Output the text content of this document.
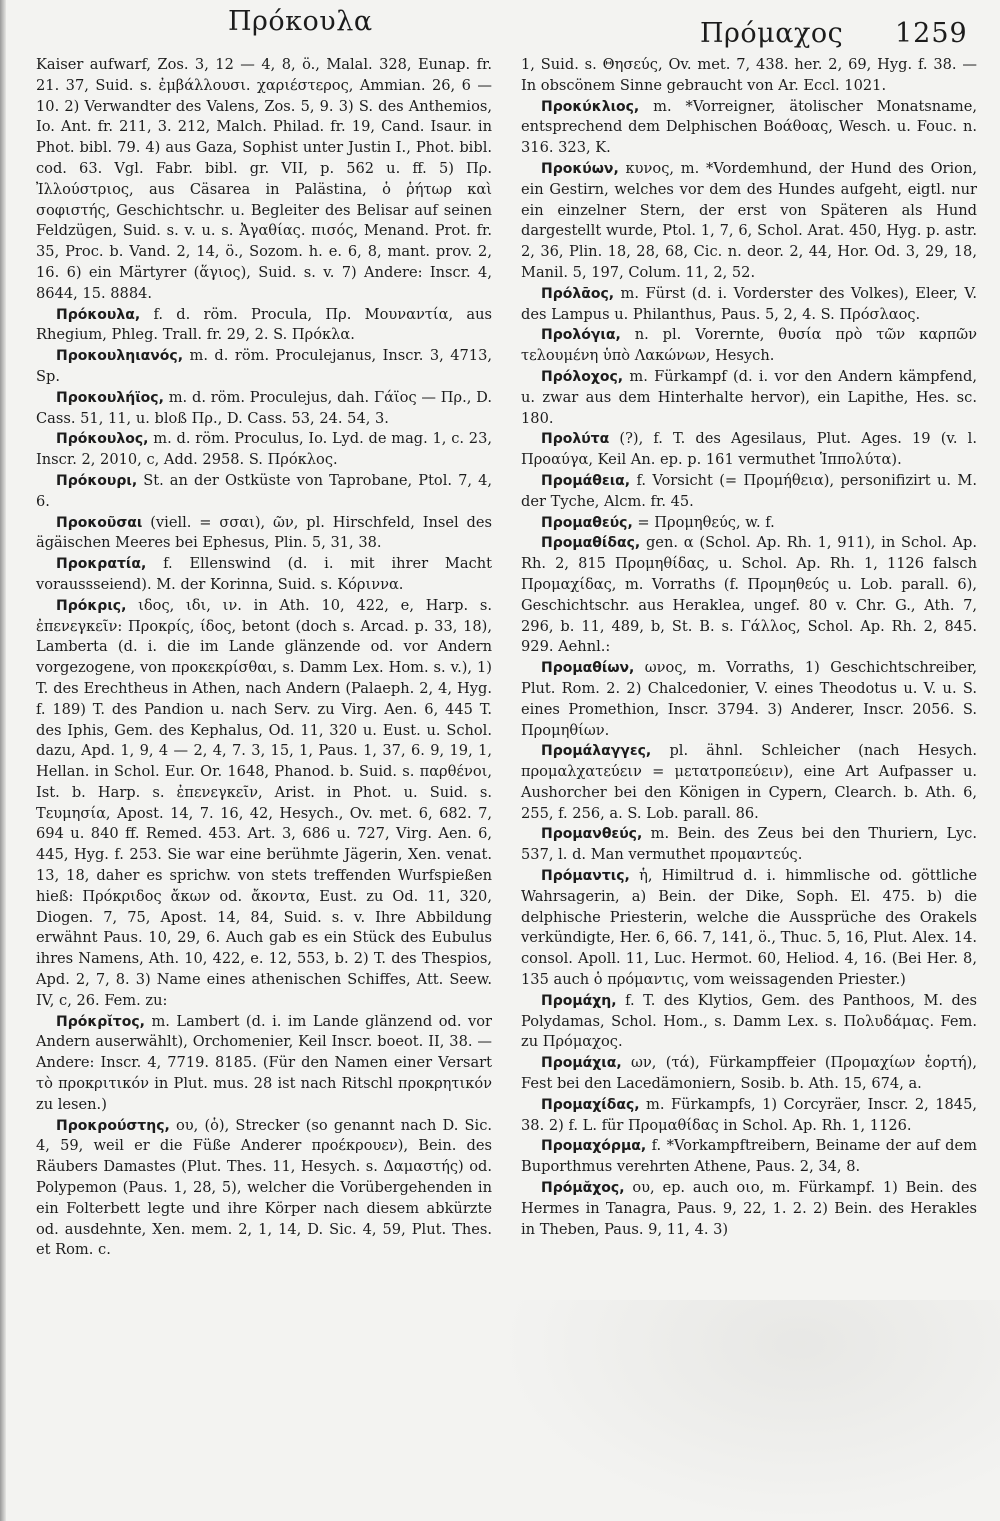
Πρόκουλα	Πρόμαχος 1259

Kaiser aufwarf, Zos. 3, 12 — 4, 8, ö., Malal. 328, Eunap. fr. 21. 37, Suid. s. ἐμβάλλουσι. χαριέστερος, Ammian. 26, 6 — 10. 2) Verwandter des Valens, Zos. 5, 9. 3) S. des Anthemios, Io. Ant. fr. 211, 3. 212, Malch. Philad. fr. 19, Cand. Isaur. in Phot. bibl. 79. 4) aus Gaza, Sophist unter Justin I., Phot. bibl. cod. 63. Vgl. Fabr. bibl. gr. VII, p. 562 u. ff. 5) Πρ. Ἰλλούστριος, aus Cäsarea in Palästina, ὁ ῥήτωρ καὶ σοφιστής, Geschichtschr. u. Begleiter des Belisar auf seinen Feldzügen, Suid. s. v. u. s. Ἀγαθίας. πισός, Menand. Prot. fr. 35, Proc. b. Vand. 2, 14, ö., Sozom. h. e. 6, 8, mant. prov. 2, 16. 6) ein Märtyrer (ἅγιος), Suid. s. v. 7) Andere: Inscr. 4, 8644, 15. 8884.

Πρόκουλα, f. d. röm. Procula, Πρ. Μουναντία, aus Rhegium, Phleg. Trall. fr. 29, 2. S. Πρόκλα.

Προκουληιανός, m. d. röm. Proculejanus, Inscr. 3, 4713, Sp.

Προκουλήϊος, m. d. röm. Proculejus, dah. Γάϊος — Πρ., D. Cass. 51, 11, u. bloß Πρ., D. Cass. 53, 24. 54, 3.

Πρόκουλος, m. d. röm. Proculus, Io. Lyd. de mag. 1, c. 23, Inscr. 2, 2010, c, Add. 2958. S. Πρόκλος.

Πρόκουρι, St. an der Ostküste von Taprobane, Ptol. 7, 4, 6.

Προκοῦσαι (viell. = σσαι), ῶν, pl. Hirschfeld, Insel des ägäischen Meeres bei Ephesus, Plin. 5, 31, 38.

Προκρατία, f. Ellenswind (d. i. mit ihrer Macht voraussseiend). M. der Korinna, Suid. s. Κόριννα.

Πρόκρις, ιδος, ιδι, ιν. in Ath. 10, 422, e, Harp. s. ἐπενεγκεῖν: Προκρίς, ίδος, betont (doch s. Arcad. p. 33, 18), Lamberta (d. i. die im Lande glänzende od. vor Andern vorgezogene, von προκεκρίσθαι, s. Damm Lex. Hom. s. v.), 1) T. des Erechtheus in Athen, nach Andern (Palaeph. 2, 4, Hyg. f. 189) T. des Pandion u. nach Serv. zu Virg. Aen. 6, 445 T. des Iphis, Gem. des Kephalus, Od. 11, 320 u. Eust. u. Schol. dazu, Apd. 1, 9, 4 — 2, 4, 7. 3, 15, 1, Paus. 1, 37, 6. 9, 19, 1, Hellan. in Schol. Eur. Or. 1648, Phanod. b. Suid. s. παρθένοι, Ist. b. Harp. s. ἐπενεγκεῖν, Arist. in Phot. u. Suid. s. Τευμησία, Apost. 14, 7. 16, 42, Hesych., Ov. met. 6, 682. 7, 694 u. 840 ff. Remed. 453. Art. 3, 686 u. 727, Virg. Aen. 6, 445, Hyg. f. 253. Sie war eine berühmte Jägerin, Xen. venat. 13, 18, daher es sprichw. von stets treffenden Wurfspießen hieß: Πρόκριδος ἄκων od. ἄκοντα, Eust. zu Od. 11, 320, Diogen. 7, 75, Apost. 14, 84, Suid. s. v. Ihre Abbildung erwähnt Paus. 10, 29, 6. Auch gab es ein Stück des Eubulus ihres Namens, Ath. 10, 422, e. 12, 553, b. 2) T. des Thespios, Apd. 2, 7, 8. 3) Name eines athenischen Schiffes, Att. Seew. IV, c, 26. Fem. zu:

Πρόκρῐτος, m. Lambert (d. i. im Lande glänzend od. vor Andern auserwählt), Orchomenier, Keil Inscr. boeot. II, 38. — Andere: Inscr. 4, 7719. 8185. (Für den Namen einer Versart τὸ προκριτικόν in Plut. mus. 28 ist nach Ritschl προκρητικόν zu lesen.)

Προκρούστης, ου, (ὁ), Strecker (so genannt nach D. Sic. 4, 59, weil er die Füße Anderer προέκρουεν), Bein. des Räubers Damastes (Plut. Thes. 11, Hesych. s. Δαμαστής) od. Polypemon (Paus. 1, 28, 5), welcher die Vorübergehenden in ein Folterbett legte und ihre Körper nach diesem abkürzte od. ausdehnte, Xen. mem. 2, 1, 14, D. Sic. 4, 59, Plut. Thes. et Rom. c.

1, Suid. s. Θησεύς, Ov. met. 7, 438. her. 2, 69, Hyg. f. 38. — In obscönem Sinne gebraucht von Ar. Eccl. 1021.

Προκύκλιος, m. *Vorreigner, ätolischer Monatsname, entsprechend dem Delphischen Βοάθοας, Wesch. u. Fouc. n. 316. 323, K.

Προκύων, κυνος, m. *Vordemhund, der Hund des Orion, ein Gestirn, welches vor dem des Hundes aufgeht, eigtl. nur ein einzelner Stern, der erst von Späteren als Hund dargestellt wurde, Ptol. 1, 7, 6, Schol. Arat. 450, Hyg. p. astr. 2, 36, Plin. 18, 28, 68, Cic. n. deor. 2, 44, Hor. Od. 3, 29, 18, Manil. 5, 197, Colum. 11, 2, 52.

Πρόλᾱος, m. Fürst (d. i. Vorderster des Volkes), Eleer, V. des Lampus u. Philanthus, Paus. 5, 2, 4. S. Πρόσλαος.

Προλόγια, n. pl. Vorernte, θυσία πρὸ τῶν καρπῶν τελουμένη ὑπὸ Λακώνων, Hesych.

Πρόλοχος, m. Fürkampf (d. i. vor den Andern kämpfend, u. zwar aus dem Hinterhalte hervor), ein Lapithe, Hes. sc. 180.

Προλύτα (?), f. T. des Agesilaus, Plut. Ages. 19 (v. l. Προαύγα, Keil An. ep. p. 161 vermuthet Ἱππολύτα).

Προμάθεια, f. Vorsicht (= Προμήθεια), personifizirt u. M. der Tyche, Alcm. fr. 45.

Προμαθεύς, = Προμηθεύς, w. f.

Προμαθίδας, gen. α (Schol. Ap. Rh. 1, 911), in Schol. Ap. Rh. 2, 815 Προμηθίδας, u. Schol. Ap. Rh. 1, 1126 falsch Προμαχίδας, m. Vorraths (f. Προμηθεύς u. Lob. parall. 6), Geschichtschr. aus Heraklea, ungef. 80 v. Chr. G., Ath. 7, 296, b. 11, 489, b, St. B. s. Γάλλος, Schol. Ap. Rh. 2, 845. 929. Aehnl.:

Προμαθίων, ωνος, m. Vorraths, 1) Geschichtschreiber, Plut. Rom. 2. 2) Chalcedonier, V. eines Theodotus u. V. u. S. eines Promethion, Inscr. 3794. 3) Anderer, Inscr. 2056. S. Προμηθίων.

Προμάλαγγες, pl. ähnl. Schleicher (nach Hesych. προμαλχατεύειν = μετατροπεύειν), eine Art Aufpasser u. Aushorcher bei den Königen in Cypern, Clearch. b. Ath. 6, 255, f. 256, a. S. Lob. parall. 86.

Προμανθεύς, m. Bein. des Zeus bei den Thuriern, Lyc. 537, l. d. Man vermuthet προμαντεύς.

Πρόμαντις, ἡ, Himiltrud d. i. himmlische od. göttliche Wahrsagerin, a) Bein. der Dike, Soph. El. 475. b) die delphische Priesterin, welche die Aussprüche des Orakels verkündigte, Her. 6, 66. 7, 141, ö., Thuc. 5, 16, Plut. Alex. 14. consol. Apoll. 11, Luc. Hermot. 60, Heliod. 4, 16. (Bei Her. 8, 135 auch ὁ πρόμαντις, vom weissagenden Priester.)

Προμάχη, f. T. des Klytios, Gem. des Panthoos, M. des Polydamas, Schol. Hom., s. Damm Lex. s. Πολυδάμας. Fem. zu Πρόμαχος.

Προμάχια, ων, (τά), Fürkampffeier (Προμαχίων ἑορτή), Fest bei den Lacedämoniern, Sosib. b. Ath. 15, 674, a.

Προμαχίδας, m. Fürkampfs, 1) Corcyräer, Inscr. 2, 1845, 38. 2) f. L. für Προμαθίδας in Schol. Ap. Rh. 1, 1126.

Προμαχόρμα, f. *Vorkampftreibern, Beiname der auf dem Buporthmus verehrten Athene, Paus. 2, 34, 8.

Πρόμᾰχος, ου, ep. auch οιο, m. Fürkampf. 1) Bein. des Hermes in Tanagra, Paus. 9, 22, 1. 2. 2) Bein. des Herakles in Theben, Paus. 9, 11, 4. 3)
